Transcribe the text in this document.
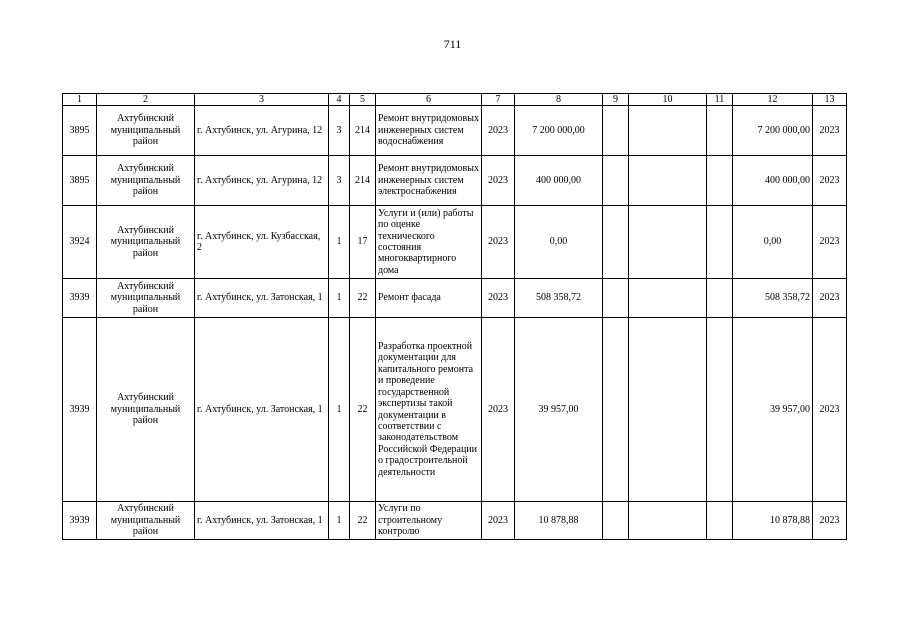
711
1	2	3	4	5	6	7	8	9	10	11	12	13
3895	Ахтубинский муниципальный район	г. Ахтубинск, ул. Агурина, 12	3	214	Ремонт внутридомовых инженерных систем водоснабжения	2023	7 200 000,00				7 200 000,00	2023
3895	Ахтубинский муниципальный район	г. Ахтубинск, ул. Агурина, 12	3	214	Ремонт внутридомовых инженерных систем электроснабжения	2023	400 000,00				400 000,00	2023
3924	Ахтубинский муниципальный район	г. Ахтубинск, ул. Кузбасская, 2	1	17	Услуги и (или) работы по оценке технического состояния многоквартирного дома	2023	0,00				0,00	2023
3939	Ахтубинский муниципальный район	г. Ахтубинск, ул. Затонская, 1	1	22	Ремонт фасада	2023	508 358,72				508 358,72	2023
3939	Ахтубинский муниципальный район	г. Ахтубинск, ул. Затонская, 1	1	22	Разработка проектной документации для капитального ремонта и проведение государственной экспертизы такой документации в соответствии с законодательством Российской Федерации о градостроительной деятельности	2023	39 957,00				39 957,00	2023
3939	Ахтубинский муниципальный район	г. Ахтубинск, ул. Затонская, 1	1	22	Услуги по строительному контролю	2023	10 878,88				10 878,88	2023
